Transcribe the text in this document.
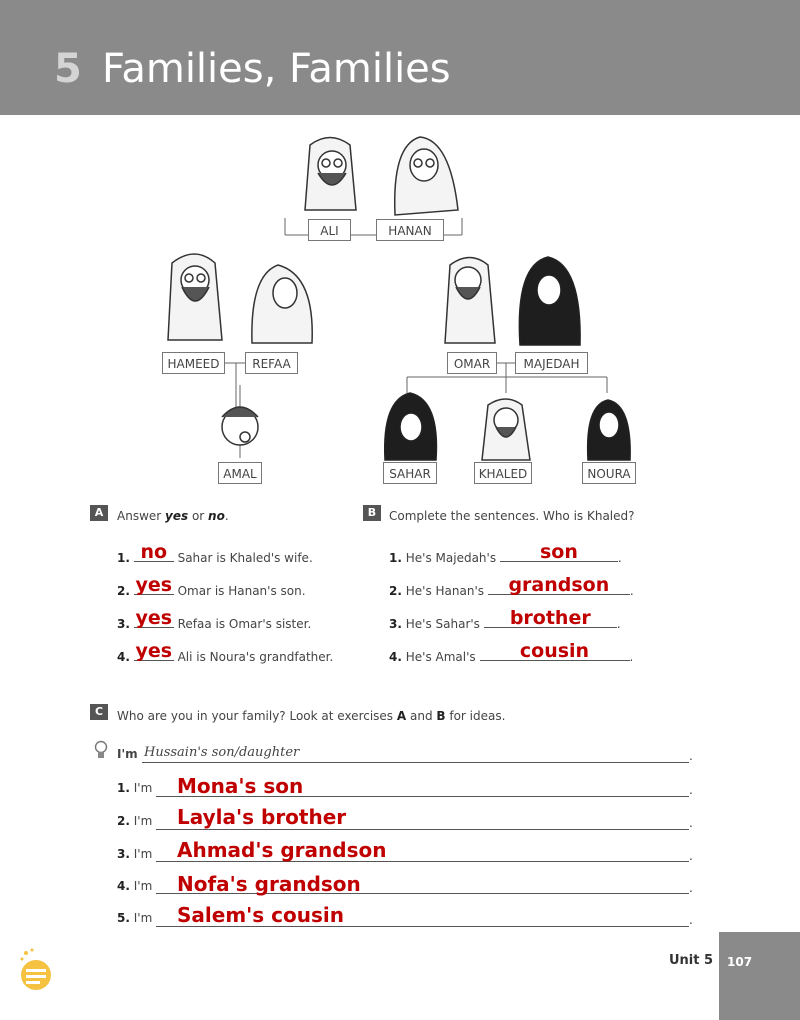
5 Families, Families
ALI	HANAN
HAMEED	REFAA	OMAR	MAJEDAH
AMAL	SAHAR	KHALED	NOURA
A	Answer yes or no.
1. no Sahar is Khaled's wife.
2. yes Omar is Hanan's son.
3. yes Refaa is Omar's sister.
4. yes Ali is Noura's grandfather.
B	Complete the sentences. Who is Khaled?
1. He's Majedah's	son	.
2. He's Hanan's	grandson	.
3. He's Sahar's	brother	.
4. He's Amal's	cousin	.
C	Who are you in your family? Look at exercises A and B for ideas.
I'm Hussain's son/daughter	.
1. I'm Mona's son	.
2. I'm Layla's brother	.
3. I'm Ahmad's grandson	.
4. I'm Nofa's grandson	.
5. I'm Salem's cousin	.
Unit 5 107
